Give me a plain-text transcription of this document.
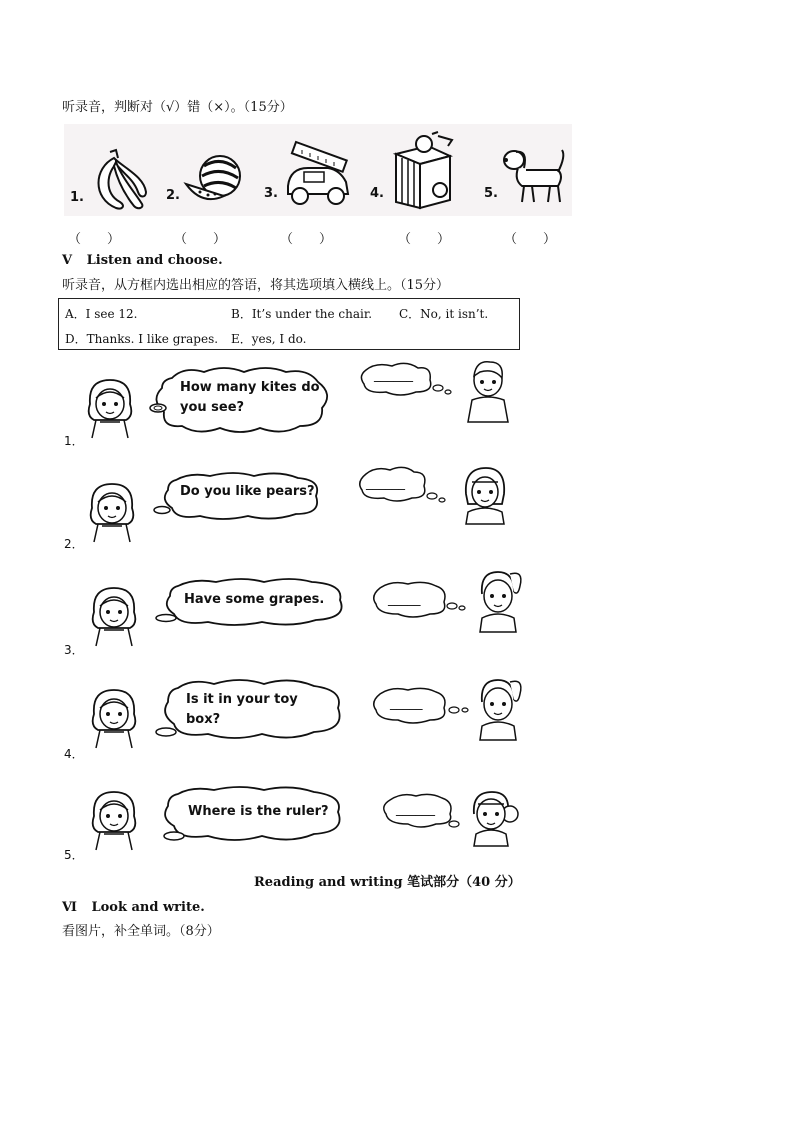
听录音，判断对（√）错（×）。（15分）
1.
（　　）
2.
（　　）
3.
（　　）
4.
（　　）
5.
（　　）
Ⅴ Listen and choose.
听录音，从方框内选出相应的答语，将其选项填入横线上。（15分）
A．I see 12.	B．It’s under the chair. C．No, it isn’t.
D．Thanks. I like grapes. E．yes, I do.
1．
How many kites do
you see?
______
2．
Do you like pears?
______
3．
Have some grapes.	_____
4．
Is it in your toy
box?
_____
5．
Where is the ruler?	______
Reading and writing 笔试部分（40 分）
Ⅵ Look and write.
看图片，补全单词。（8分）
